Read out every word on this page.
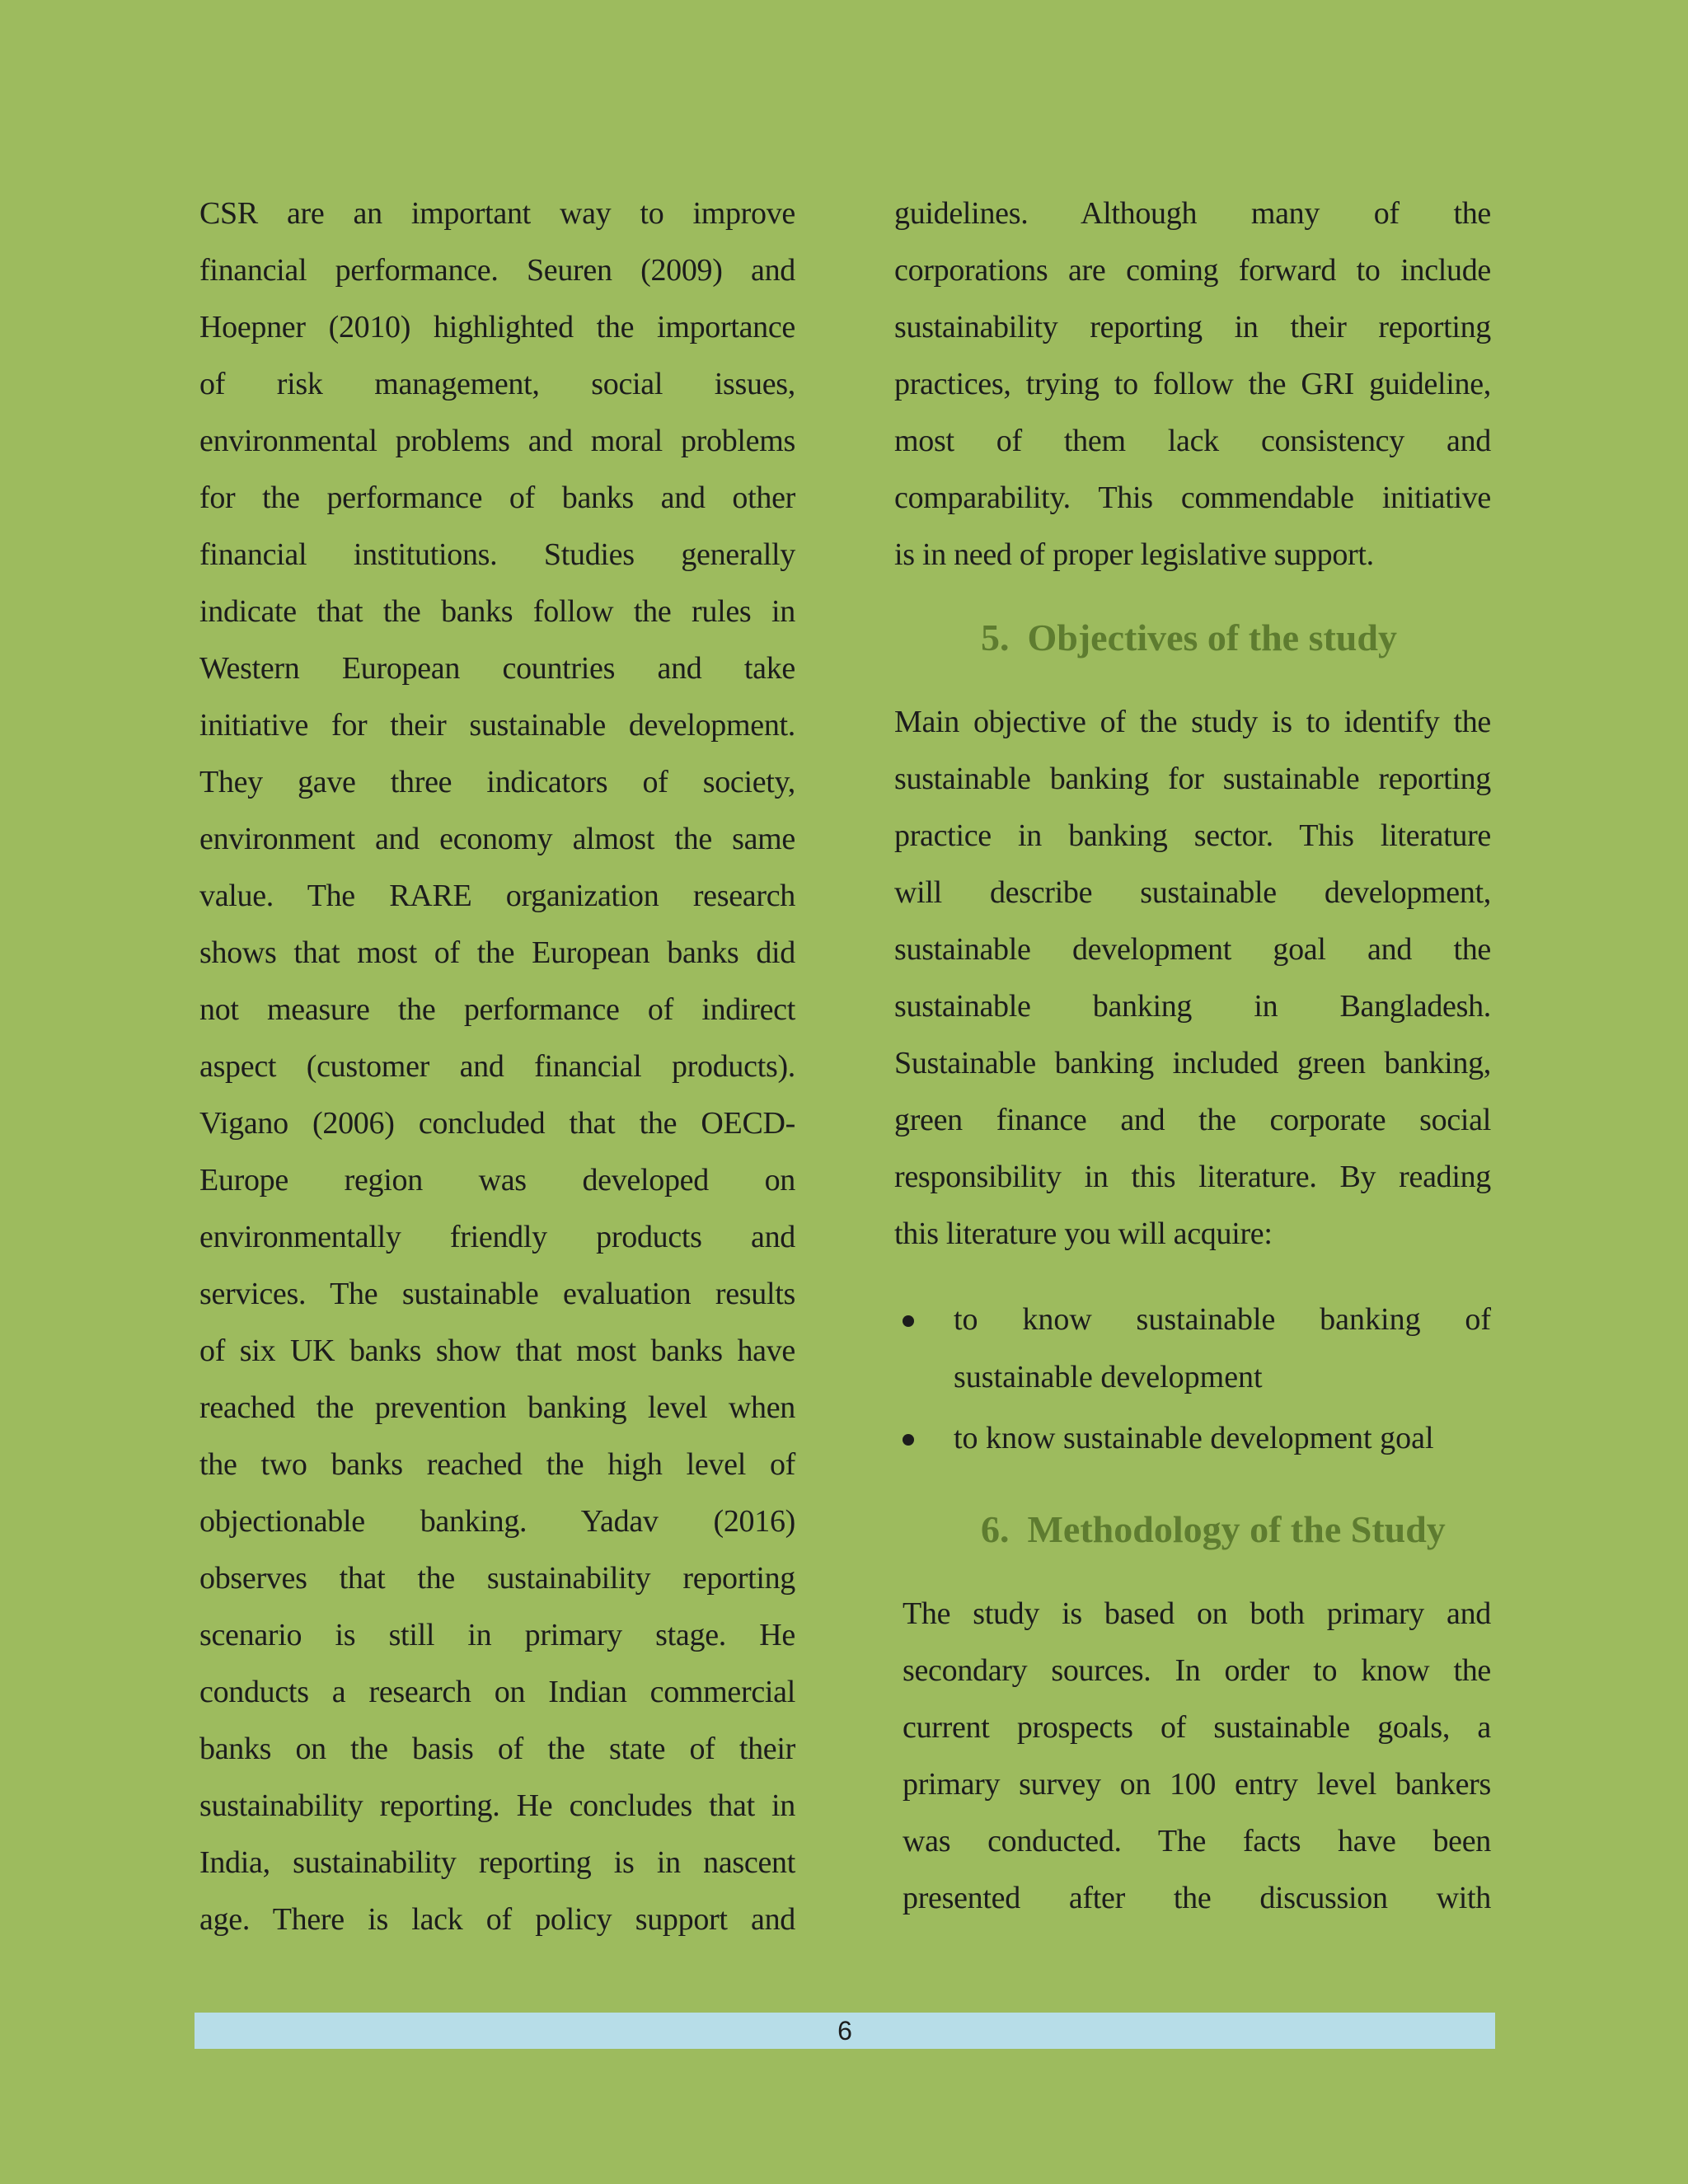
CSR are an important way to improve
financial performance. Seuren (2009) and
Hoepner (2010) highlighted the importance
of risk management, social issues,
environmental problems and moral problems
for the performance of banks and other
financial institutions. Studies generally
indicate that the banks follow the rules in
Western European countries and take
initiative for their sustainable development.
They gave three indicators of society,
environment and economy almost the same
value. The RARE organization research
shows that most of the European banks did
not measure the performance of indirect
aspect (customer and financial products).
Vigano (2006) concluded that the OECD-
Europe region was developed on
environmentally friendly products and
services. The sustainable evaluation results
of six UK banks show that most banks have
reached the prevention banking level when
the two banks reached the high level of
objectionable banking. Yadav (2016)
observes that the sustainability reporting
scenario is still in primary stage. He
conducts a research on Indian commercial
banks on the basis of the state of their
sustainability reporting. He concludes that in
India, sustainability reporting is in nascent
age. There is lack of policy support and

guidelines. Although many of the
corporations are coming forward to include
sustainability reporting in their reporting
practices, trying to follow the GRI guideline,
most of them lack consistency and
comparability. This commendable initiative
is in need of proper legislative support.

5. Objectives of the study

Main objective of the study is to identify the
sustainable banking for sustainable reporting
practice in banking sector. This literature
will describe sustainable development,
sustainable development goal and the
sustainable banking in Bangladesh.
Sustainable banking included green banking,
green finance and the corporate social
responsibility in this literature. By reading
this literature you will acquire:

to know sustainable banking of
sustainable development
to know sustainable development goal
6. Methodology of the Study

The study is based on both primary and
secondary sources. In order to know the
current prospects of sustainable goals, a
primary survey on 100 entry level bankers
was conducted. The facts have been
presented after the discussion with

6
